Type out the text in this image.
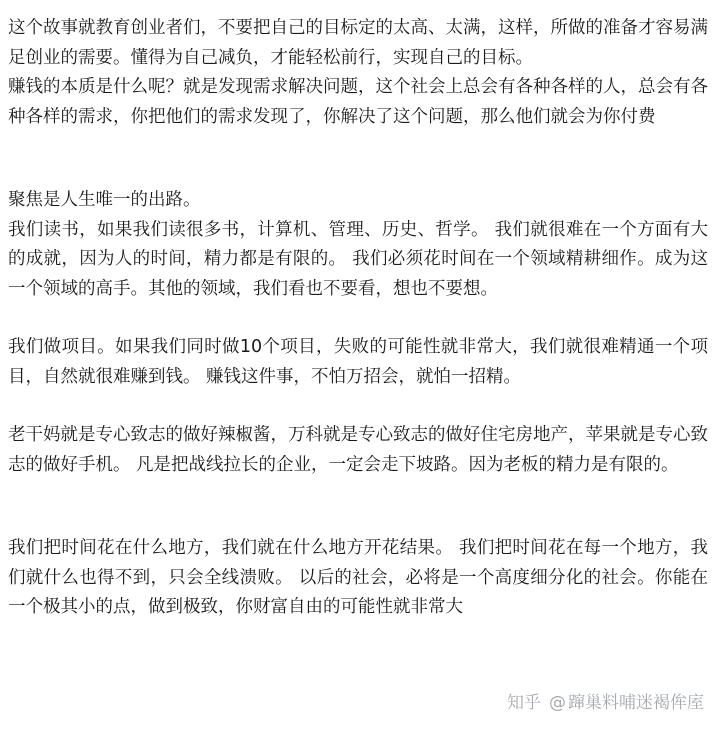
这个故事就教育创业者们，不要把自己的目标定的太高、太满，这样，所做的准备才容易满足创业的需要。懂得为自己减负，才能轻松前行，实现自己的目标。

赚钱的本质是什么呢？就是发现需求解决问题，这个社会上总会有各种各样的人，总会有各种各样的需求，你把他们的需求发现了，你解决了这个问题，那么他们就会为你付费

聚焦是人生唯一的出路。

我们读书，如果我们读很多书，计算机、管理、历史、哲学。 我们就很难在一个方面有大的成就，因为人的时间，精力都是有限的。 我们必须花时间在一个领域精耕细作。成为这一个领域的高手。其他的领域，我们看也不要看，想也不要想。

我们做项目。如果我们同时做10个项目，失败的可能性就非常大，我们就很难精通一个项目，自然就很难赚到钱。 赚钱这件事，不怕万招会，就怕一招精。

老干妈就是专心致志的做好辣椒酱，万科就是专心致志的做好住宅房地产，苹果就是专心致志的做好手机。 凡是把战线拉长的企业，一定会走下坡路。因为老板的精力是有限的。

我们把时间花在什么地方，我们就在什么地方开花结果。 我们把时间花在每一个地方，我们就什么也得不到，只会全线溃败。 以后的社会，必将是一个高度细分化的社会。你能在一个极其小的点，做到极致，你财富自由的可能性就非常大

知乎 @ 蹿巢料哺迷褐侔庢
